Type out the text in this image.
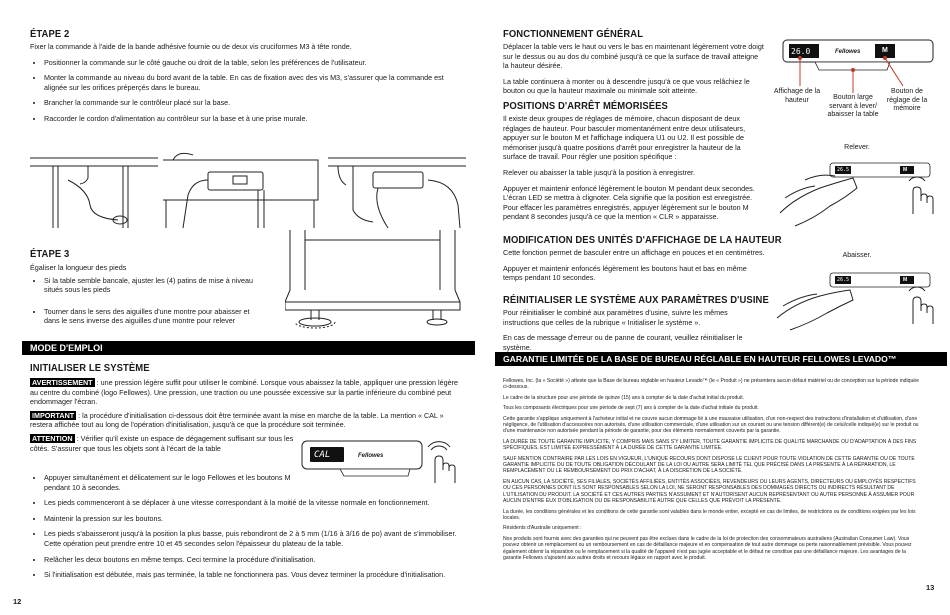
ÉTAPE 2
Fixer la commande à l'aide de la bande adhésive fournie ou de deux vis cruciformes M3 à tête ronde.
• Positionner la commande sur le côté gauche ou droit de la table, selon les préférences de l'utilisateur.
• Monter la commande au niveau du bord avant de la table. En cas de fixation avec des vis M3, s'assurer que la commande est alignée sur les orifices préperçés dans le bureau.
• Brancher la commande sur le contrôleur placé sur la base.
• Raccorder le cordon d'alimentation au contrôleur sur la base et à une prise murale.
ÉTAPE 3
Égaliser la longueur des pieds
• Si la table semble bancale, ajuster les (4) patins de mise à niveau situés sous les pieds
• Tourner dans le sens des aiguilles d'une montre pour abaisser et dans le sens inverse des aiguilles d'une montre pour relever
MODE D'EMPLOI
INITIALISER LE SYSTÈME
AVERTISSEMENT : une pression légère suffit pour utiliser le combiné. Lorsque vous abaissez la table, appliquer une pression légère au centre du combiné (logo Fellowes). Une pression, une traction ou une poussée excessive sur la partie inférieure du combiné peut endommager l'écran.
IMPORTANT : la procédure d'initialisation ci-dessous doit être terminée avant la mise en marche de la table. La mention « CAL » restera affichée tout au long de l'opération d'initialisation, jusqu'à ce que la procédure soit terminée.
ATTENTION : Vérifier qu'il existe un espace de dégagement suffisant sur tous les côtés. S'assurer que tous les objets sont à l'écart de la table
CAL	Fellowes
• Appuyer simultanément et délicatement sur le logo Fellowes et les boutons M pendant 10 à secondes.
• Les pieds commenceront à se déplacer à une vitesse correspondant à la moitié de la vitesse normale en fonctionnement.
• Maintenir la pression sur les boutons.
• Les pieds s'abaisseront jusqu'à la position la plus basse, puis rebondiront de 2 à 5 mm (1/16 à 3/16 de po) avant de s'immobiliser. Cette opération peut prendre entre 10 et 45 secondes selon l'épaisseur du plateau de la table.
• Relâcher les deux boutons en même temps. Ceci termine la procédure d'initialisation.
• Si l'initialisation est débutée, mais pas terminée, la table ne fonctionnera pas. Vous devez terminer la procédure d'initialisation.
12
FONCTIONNEMENT GÉNÉRAL
Déplacer la table vers le haut ou vers le bas en maintenant légèrement votre doigt sur le dessus ou au dos du combiné jusqu'à ce que la surface de travail atteigne la hauteur désirée.
La table continuera à monter ou à descendre jusqu'à ce que vous relâchiez le bouton ou que la hauteur maximale ou minimale soit atteinte.
POSITIONS D'ARRÊT MÉMORISÉES
Il existe deux groupes de réglages de mémoire, chacun disposant de deux réglages de hauteur. Pour basculer momentanément entre deux utilisateurs, appuyer sur le bouton M et l'affichage indiquera U1 ou U2. Il est possible de mémoriser jusqu'à quatre positions d'arrêt pour enregistrer la hauteur de la surface de travail. Pour régler une position spécifique :
Relever ou abaisser la table jusqu'à la position à enregistrer.
Appuyer et maintenir enfoncé légèrement le bouton M pendant deux secondes. L'écran LED se mettra à clignoter. Cela signifie que la position est enregistrée. Pour effacer les paramètres enregistrés, appuyer légèrement sur le bouton M pendant 8 secondes jusqu'à ce que la mention « CLR » apparaisse.
MODIFICATION DES UNITÉS D'AFFICHAGE DE LA HAUTEUR
Cette fonction permet de basculer entre un affichage en pouces et en centimètres.
Appuyer et maintenir enfoncés légèrement les boutons haut et bas en même temps pendant 10 secondes.
RÉINITIALISER LE SYSTÈME AUX PARAMÈTRES D'USINE
Pour réinitialiser le combiné aux paramètres d'usine, suivre les mêmes instructions que celles de la rubrique « Initialiser le système ».
En cas de message d'erreur ou de panne de courant, veuillez réinitialiser le système.
26.0	Fellowes	M
Affichage de la hauteur	Bouton large servant à lever/ abaisser la table
Bouton de réglage de la mémoire
Relever.
26.5	M
Abaisser.
26.5	M
GARANTIE LIMITÉE DE LA BASE DE BUREAU RÉGLABLE EN HAUTEUR FELLOWES LEVADO™
Fellowes, Inc. (la « Société ») atteste que la Base de bureau réglable en hauteur Levado™ (le « Produit ») ne présentera aucun défaut matériel ou de conception sur la période indiquée ci-dessous.
Le cadre de la structure pour une période de quinze (15) ans à compter de la date d'achat initial du produit.
Tous les composants électriques pour une période de sept (7) ans à compter de la date d'achat initiale du produit.
Cette garantie s'applique uniquement à l'acheteur initial et ne couvre aucun dommage lié à une mauvaise utilisation, d'un non-respect des instructions d'installation et d'utilisation, d'une négligence, de l'utilisation d'accessoires non autorisés, d'une utilisation commerciale, d'une utilisation sur un courant ou une tension différent(e) de celui/celle indiqué(e) sur le produit ou d'une maintenance non autorisée pendant la période de garantie, pour des éléments normalement couverts par la garantie.
LA DURÉE DE TOUTE GARANTIE IMPLICITE, Y COMPRIS MAIS SANS S'Y LIMITER, TOUTE GARANTIE IMPLICITE DE QUALITÉ MARCHANDE OU D'ADAPTATION À DES FINS SPÉCIFIQUES, EST LIMITÉE EXPRESSÉMENT À LA DURÉE DE CETTE GARANTIE LIMITÉE.
SAUF MENTION CONTRAIRE PAR LES LOIS EN VIGUEUR, L'UNIQUE RECOURS DONT DISPOSE LE CLIENT POUR TOUTE VIOLATION DE CETTE GARANTIE OU DE TOUTE GARANTIE IMPLICITE OU DE TOUTE OBLIGATION DÉCOULANT DE LA LOI OU AUTRE SERA LIMITÉ TEL QUE PRÉCISÉ DANS LA PRÉSENTE À LA RÉPARATION, LE REMPLACEMENT OU LE REMBOURSEMENT DU PRIX D'ACHAT, À LA DISCRÉTION DE LA SOCIÉTÉ.
EN AUCUN CAS, LA SOCIÉTÉ, SES FILIALES, SOCIÉTÉS AFFILIÉES, ENTITÉS ASSOCIÉES, REVENDEURS OU LEURS AGENTS, DIRECTEURS OU EMPLOYÉS RESPECTIFS OU CES PERSONNES DONT ILS SONT RESPONSABLES SELON LA LOI, NE SERONT RESPONSABLES DES DOMMAGES DIRECTS OU INDIRECTS RÉSULTANT DE L'UTILISATION DU PRODUIT. LA SOCIÉTÉ ET CES AUTRES PARTIES N'ASSUMENT ET N'AUTORISENT AUCUN REPRÉSENTANT OU AUTRE PERSONNE À ASSUMER POUR AUCUN D'ENTRE EUX D'OBLIGATION OU DE RESPONSABILITÉ AUTRE QUE CELLES QUE PRÉVOIT LA PRÉSENTE.
La durée, les conditions générales et les conditions de cette garantie sont valables dans le monde entier, excepté en cas de limites, de restrictions ou de conditions exigées par les lois locales.
Résidents d'Australie uniquement :
Nos produits sont fournis avec des garanties qui ne peuvent pas être exclues dans le cadre de la loi de protection des consommateurs australiens (Australian Consumer Law). Vous pouvez obtenir un remplacement ou un remboursement en cas de défaillance majeure et en compensation de tout autre dommage ou perte raisonnablement prévisible. Vous pouvez également obtenir la réparation ou le remplacement si la qualité de l'appareil n'est pas jugée acceptable et le défaut ne constitue pas une défaillance majeure. Les avantages de la garantie Fellowes s'ajoutent aux autres droits et recours légaux en rapport avec le produit.
13
